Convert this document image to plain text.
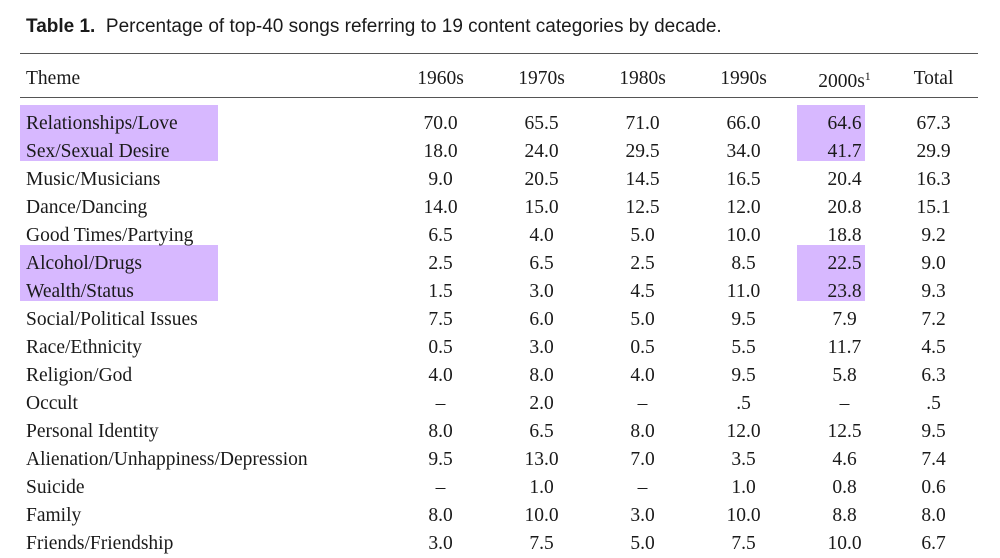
Table 1. Percentage of top-40 songs referring to 19 content categories by decade.
Theme	1960s	1970s	1980s	1990s	$2000s^1$	Total

Relationships/Love	70.0	65.5	71.0	66.0	64.6	67.3
Sex/Sexual Desire	18.0	24.0	29.5	34.0	41.7	29.9
Music/Musicians	9.0	20.5	14.5	16.5	20.4	16.3
Dance/Dancing	14.0	15.0	12.5	12.0	20.8	15.1
Good Times/Partying	6.5	4.0	5.0	10.0	18.8	9.2
Alcohol/Drugs	2.5	6.5	2.5	8.5	22.5	9.0
Wealth/Status	1.5	3.0	4.5	11.0	23.8	9.3
Social/Political Issues	7.5	6.0	5.0	9.5	7.9	7.2
Race/Ethnicity	0.5	3.0	0.5	5.5	11.7	4.5
Religion/God	4.0	8.0	4.0	9.5	5.8	6.3
Occult	–	2.0	–	.5	–	.5
Personal Identity	8.0	6.5	8.0	12.0	12.5	9.5
Alienation/Unhappiness/Depression	9.5	13.0	7.0	3.5	4.6	7.4
Suicide	–	1.0	–	1.0	0.8	0.6
Family	8.0	10.0	3.0	10.0	8.8	8.0
Friends/Friendship	3.0	7.5	5.0	7.5	10.0	6.7
